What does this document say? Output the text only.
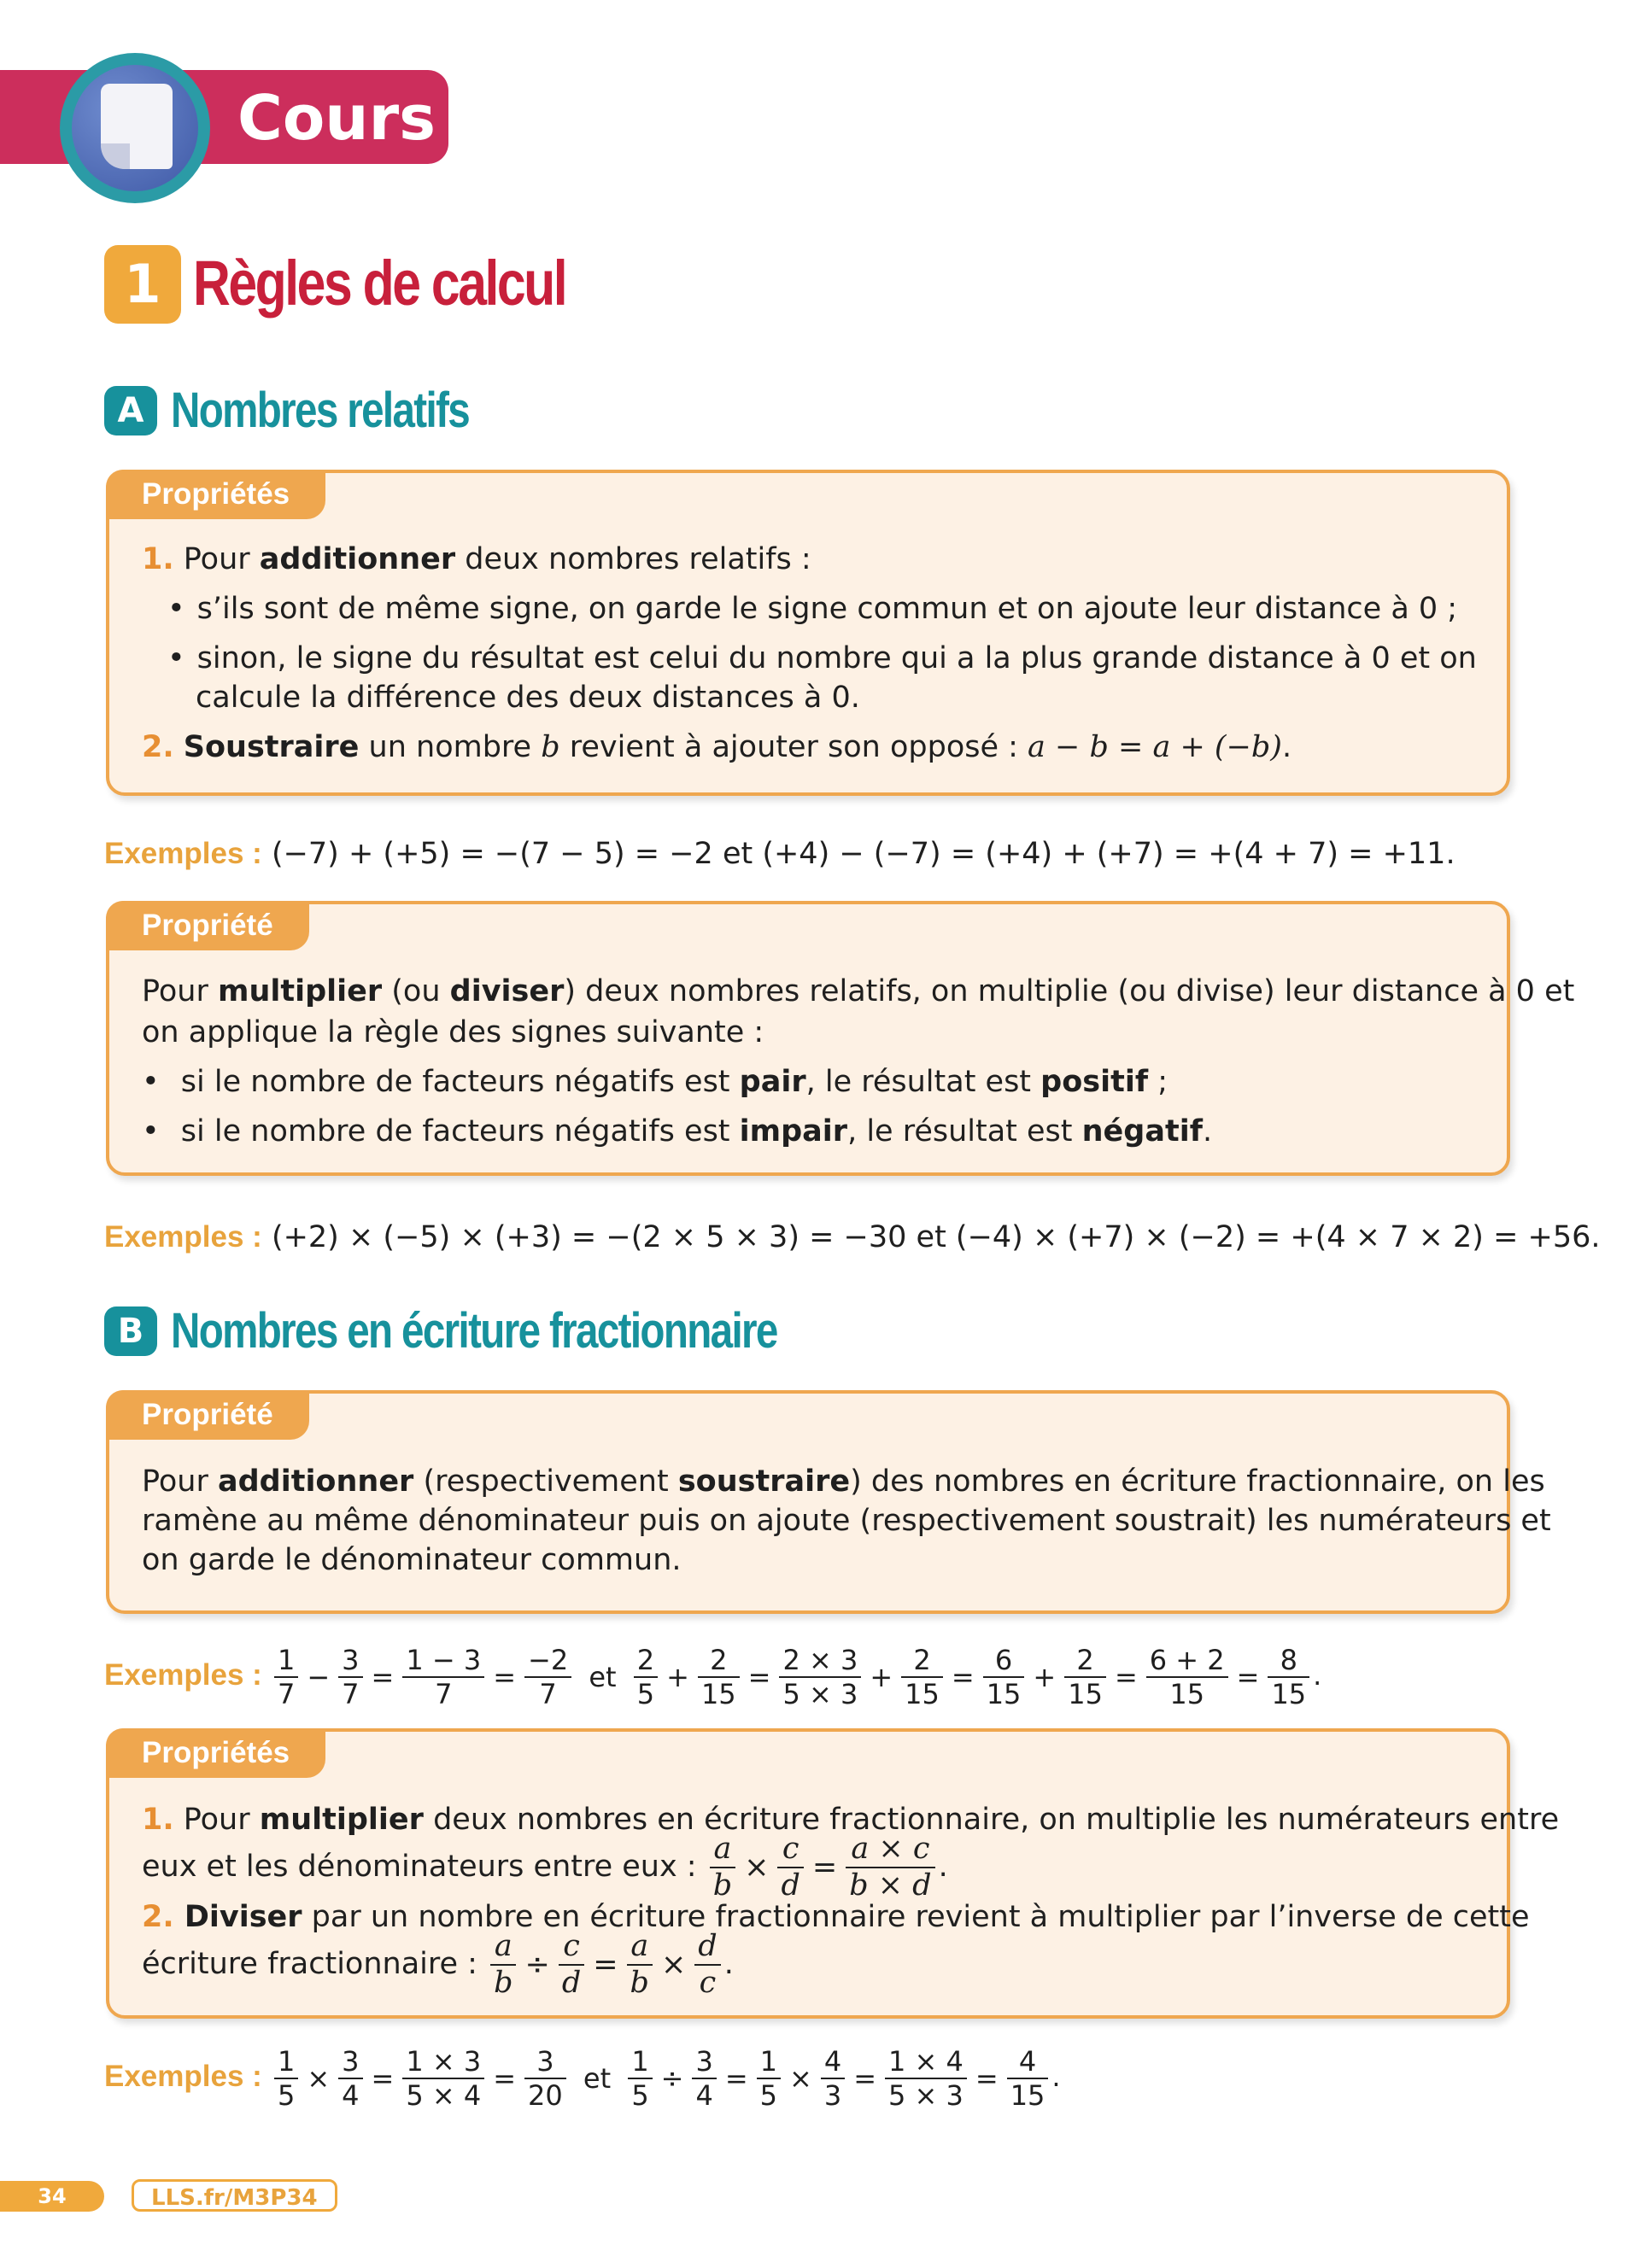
Cours
1 Règles de calcul
A Nombres relatifs
Propriétés
1. Pour additionner deux nombres relatifs :
• s’ils sont de même signe, on garde le signe commun et on ajoute leur distance à 0 ;
• sinon, le signe du résultat est celui du nombre qui a la plus grande distance à 0 et on
calcule la différence des deux distances à 0.
2. Soustraire un nombre b revient à ajouter son opposé : a − b = a + (−b).
Exemples : (−7) + (+5) = −(7 − 5) = −2 et (+4) − (−7) = (+4) + (+7) = +(4 + 7) = +11.
Propriété
Pour multiplier (ou diviser) deux nombres relatifs, on multiplie (ou divise) leur distance à 0 et
on applique la règle des signes suivante :
• si le nombre de facteurs négatifs est pair, le résultat est positif ;
• si le nombre de facteurs négatifs est impair, le résultat est négatif.
Exemples : (+2) × (−5) × (+3) = −(2 × 5 × 3) = −30 et (−4) × (+7) × (−2) = +(4 × 7 × 2) = +56.
B Nombres en écriture fractionnaire
Propriété
Pour additionner (respectivement soustraire) des nombres en écriture fractionnaire, on les
ramène au même dénominateur puis on ajoute (respectivement soustrait) les numérateurs et
on garde le dénominateur commun.
Exemples : $\frac{1}{7} - \frac{3}{7} = \frac{1 - 3}{7} = \frac{-2}{7}$ et $\frac{2}{5} + \frac{2}{15} = \frac{2 \times 3}{5 \times 3} + \frac{2}{15} = \frac{6}{15} + \frac{2}{15} = \frac{6 + 2}{15} = \frac{8}{15}$ .
Propriétés
1. Pour multiplier deux nombres en écriture fractionnaire, on multiplie les numérateurs entre
eux et les dénominateurs entre eux : $\frac{a}{b} \times \frac{c}{d} = \frac{a \times c}{b \times d}$ .
2. Diviser par un nombre en écriture fractionnaire revient à multiplier par l’inverse de cette
écriture fractionnaire : $\frac{a}{b} \div \frac{c}{d} = \frac{a}{b} \times \frac{d}{c}$ .
Exemples : $\frac{1}{5} \times \frac{3}{4} = \frac{1 \times 3}{5 \times 4} = \frac{3}{20}$ et $\frac{1}{5} \div \frac{3}{4} = \frac{1}{5} \times \frac{4}{3} = \frac{1 \times 4}{5 \times 3} = \frac{4}{15}$ .
34	LLS.fr/M3P34
